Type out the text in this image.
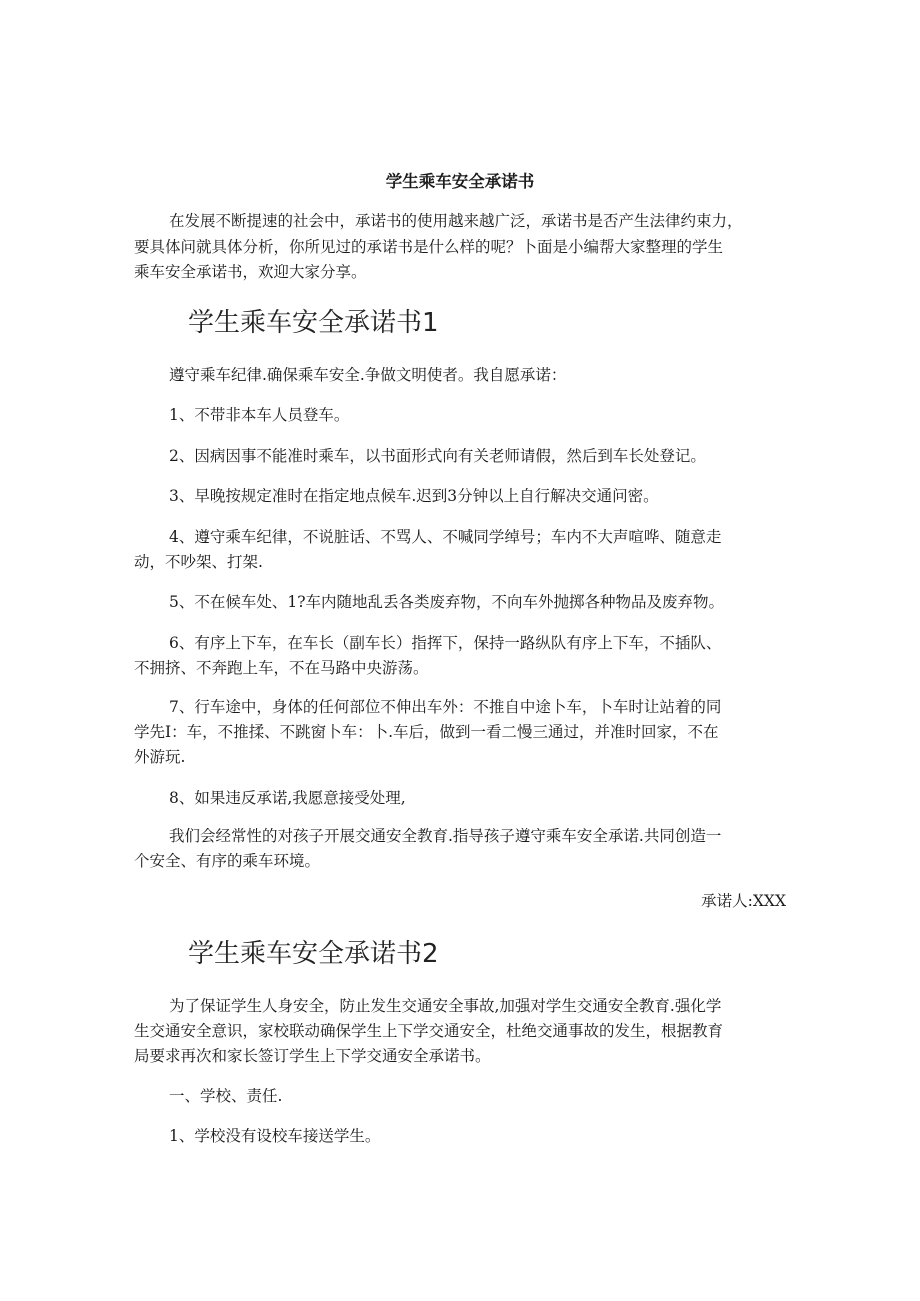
学生乘车安全承诺书
在发展不断提速的社会中，承诺书的使用越来越广泛，承诺书是否产生法律约束力，
要具体问就具体分析，你所见过的承诺书是什么样的呢？卜面是小编帮大家整理的学生
乘车安全承诺书，欢迎大家分享。
学生乘车安全承诺书1
遵守乘车纪律.确保乘车安全.争做文明使者。我自愿承诺：
1、不带非本车人员登车。
2、因病因事不能准时乘车，以书面形式向有关老师请假，然后到车长处登记。
3、早晚按规定准时在指定地点候车.迟到3分钟以上自行解决交通问密。
4、遵守乘车纪律，不说脏话、不骂人、不喊同学绰号；车内不大声喧哗、随意走
动，不吵架、打架.
5、不在候车处、1?车内随地乱丢各类废弃物，不向车外抛掷各种物品及废弃物。
6、有序上下车，在车长（副车长）指挥下，保持一路纵队有序上下车，不插队、
不拥挤、不奔跑上车，不在马路中央游荡。
7、行车途中，身体的任何部位不伸出车外：不推自中途卜车，卜车时让站着的同
学先I：车，不推揉、不跳窗卜车：卜.车后，做到一看二慢三通过，并准时回家，不在
外游玩.
8、如果违反承诺,我愿意接受处理,
我们会经常性的对孩子开展交通安全教育.指导孩子遵守乘车安全承诺.共同创造一
个安全、有序的乘车环境。
承诺人:XXX
学生乘车安全承诺书2
为了保证学生人身安全，防止发生交通安全事故,加强对学生交通安全教育.强化学
生交通安全意识，家校联动确保学生上下学交通安全，杜绝交通事故的发生，根据教育
局要求再次和家长签订学生上下学交通安全承诺书。
一、学校、责任.
1、学校没有设校车接送学生。
